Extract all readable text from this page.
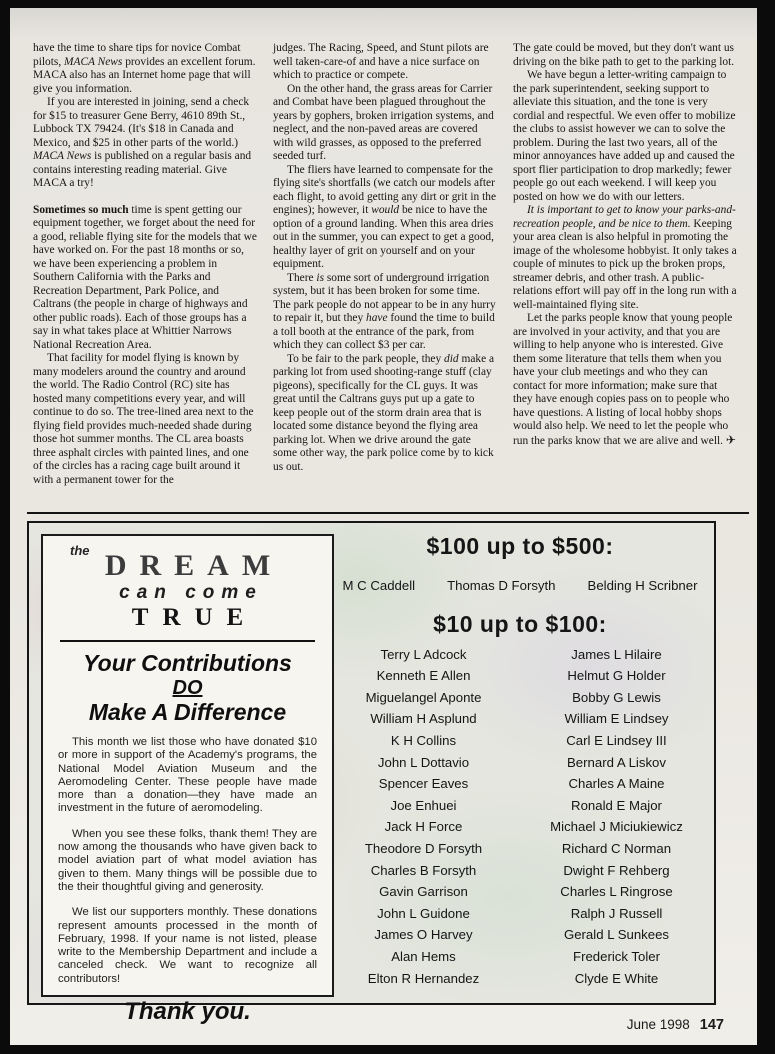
have the time to share tips for novice Combat pilots, MACA News provides an excellent forum. MACA also has an Internet home page that will give you information.

If you are interested in joining, send a check for $15 to treasurer Gene Berry, 4610 89th St., Lubbock TX 79424. (It's $18 in Canada and Mexico, and $25 in other parts of the world.) MACA News is published on a regular basis and contains interesting reading material. Give MACA a try!

Sometimes so much time is spent getting our equipment together, we forget about the need for a good, reliable flying site for the models that we have worked on. For the past 18 months or so, we have been experiencing a problem in Southern California with the Parks and Recreation Department, Park Police, and Caltrans (the people in charge of highways and other public roads). Each of those groups has a say in what takes place at Whittier Narrows National Recreation Area.

That facility for model flying is known by many modelers around the country and around the world. The Radio Control (RC) site has hosted many competitions every year, and will continue to do so. The tree-lined area next to the flying field provides much-needed shade during those hot summer months. The CL area boasts three asphalt circles with painted lines, and one of the circles has a racing cage built around it with a permanent tower for the

judges. The Racing, Speed, and Stunt pilots are well taken-care-of and have a nice surface on which to practice or compete.

On the other hand, the grass areas for Carrier and Combat have been plagued throughout the years by gophers, broken irrigation systems, and neglect, and the non-paved areas are covered with wild grasses, as opposed to the preferred seeded turf.

The fliers have learned to compensate for the flying site's shortfalls (we catch our models after each flight, to avoid getting any dirt or grit in the engines); however, it would be nice to have the option of a ground landing. When this area dries out in the summer, you can expect to get a good, healthy layer of grit on yourself and on your equipment.

There is some sort of underground irrigation system, but it has been broken for some time. The park people do not appear to be in any hurry to repair it, but they have found the time to build a toll booth at the entrance of the park, from which they can collect $3 per car.

To be fair to the park people, they did make a parking lot from used shooting-range stuff (clay pigeons), specifically for the CL guys. It was great until the Caltrans guys put up a gate to keep people out of the storm drain area that is located some distance beyond the flying area parking lot. When we drive around the gate some other way, the park police come by to kick us out.

The gate could be moved, but they don't want us driving on the bike path to get to the parking lot.

We have begun a letter-writing campaign to the park superintendent, seeking support to alleviate this situation, and the tone is very cordial and respectful. We even offer to mobilize the clubs to assist however we can to solve the problem. During the last two years, all of the minor annoyances have added up and caused the sport flier participation to drop markedly; fewer people go out each weekend. I will keep you posted on how we do with our letters.

It is important to get to know your parks-and-recreation people, and be nice to them. Keeping your area clean is also helpful in promoting the image of the wholesome hobbyist. It only takes a couple of minutes to pick up the broken props, streamer debris, and other trash. A public-relations effort will pay off in the long run with a well-maintained flying site.

Let the parks people know that young people are involved in your activity, and that you are willing to help anyone who is interested. Give them some literature that tells them when you have your club meetings and who they can contact for more information; make sure that they have enough copies pass on to people who have questions. A listing of local hobby shops would also help. We need to let the people who run the parks know that we are alive and well. ✈

the DREAM
can come
TRUE
Your Contributions
DO
Make A Difference

This month we list those who have donated $10 or more in support of the Academy's programs, the National Model Aviation Museum and the Aeromodeling Center. These people have made more than a donation—they have made an investment in the future of aeromodeling.

When you see these folks, thank them! They are now among the thousands who have given back to model aviation part of what model aviation has given to them. Many things will be possible due to the their thoughtful giving and generosity.

We list our supporters monthly. These donations represent amounts processed in the month of February, 1998. If your name is not listed, please write to the Membership Department and include a canceled check. We want to recognize all contributors!

Thank you.
$100 up to $500:
M C Caddell Thomas D Forsyth Belding H Scribner
$10 up to $100:
Terry L Adcock
Kenneth E Allen
Miguelangel Aponte
William H Asplund
K H Collins
John L Dottavio
Spencer Eaves
Joe Enhuei
Jack H Force
Theodore D Forsyth
Charles B Forsyth
Gavin Garrison
John L Guidone
James O Harvey
Alan Hems
Elton R Hernandez
James L Hilaire
Helmut G Holder
Bobby G Lewis
William E Lindsey
Carl E Lindsey III
Bernard A Liskov
Charles A Maine
Ronald E Major
Michael J Miciukiewicz
Richard C Norman
Dwight F Rehberg
Charles L Ringrose
Ralph J Russell
Gerald L Sunkees
Frederick Toler
Clyde E White
June 1998 147
